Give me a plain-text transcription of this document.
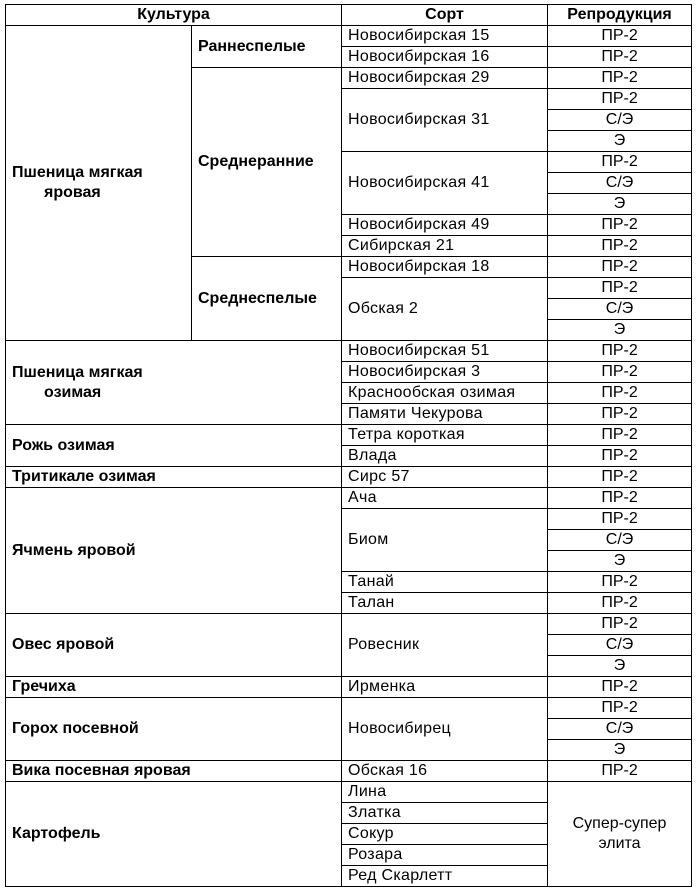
Культура		Сорт	Репродукция
Пшеница мягкая
яровая	Раннеспелые	Новосибирская 15	ПР-2
		Новосибирская 16	ПР-2
	Среднеранние	Новосибирская 29	ПР-2
		Новосибирская 31	ПР-2
			С/Э
			Э
		Новосибирская 41	ПР-2
			С/Э
			Э
		Новосибирская 49	ПР-2
		Сибирская 21	ПР-2
	Среднеспелые	Новосибирская 18	ПР-2
		Обская 2	ПР-2
			С/Э
			Э
Пшеница мягкая
озимая		Новосибирская 51	ПР-2
		Новосибирская 3	ПР-2
		Краснообская озимая	ПР-2
		Памяти Чекурова	ПР-2
Рожь озимая		Тетра короткая	ПР-2
		Влада	ПР-2
Тритикале озимая		Сирс 57	ПР-2
Ячмень яровой		Ача	ПР-2
		Биом	ПР-2
			С/Э
			Э
		Танай	ПР-2
		Талан	ПР-2
Овес яровой		Ровесник	ПР-2
			С/Э
			Э
Гречиха		Ирменка	ПР-2
Горох посевной		Новосибирец	ПР-2
			С/Э
			Э
Вика посевная яровая		Обская 16	ПР-2
Картофель		Лина	Супер-супер
элита
		Златка	
		Сокур	
		Розара	
		Ред Скарлетт	
